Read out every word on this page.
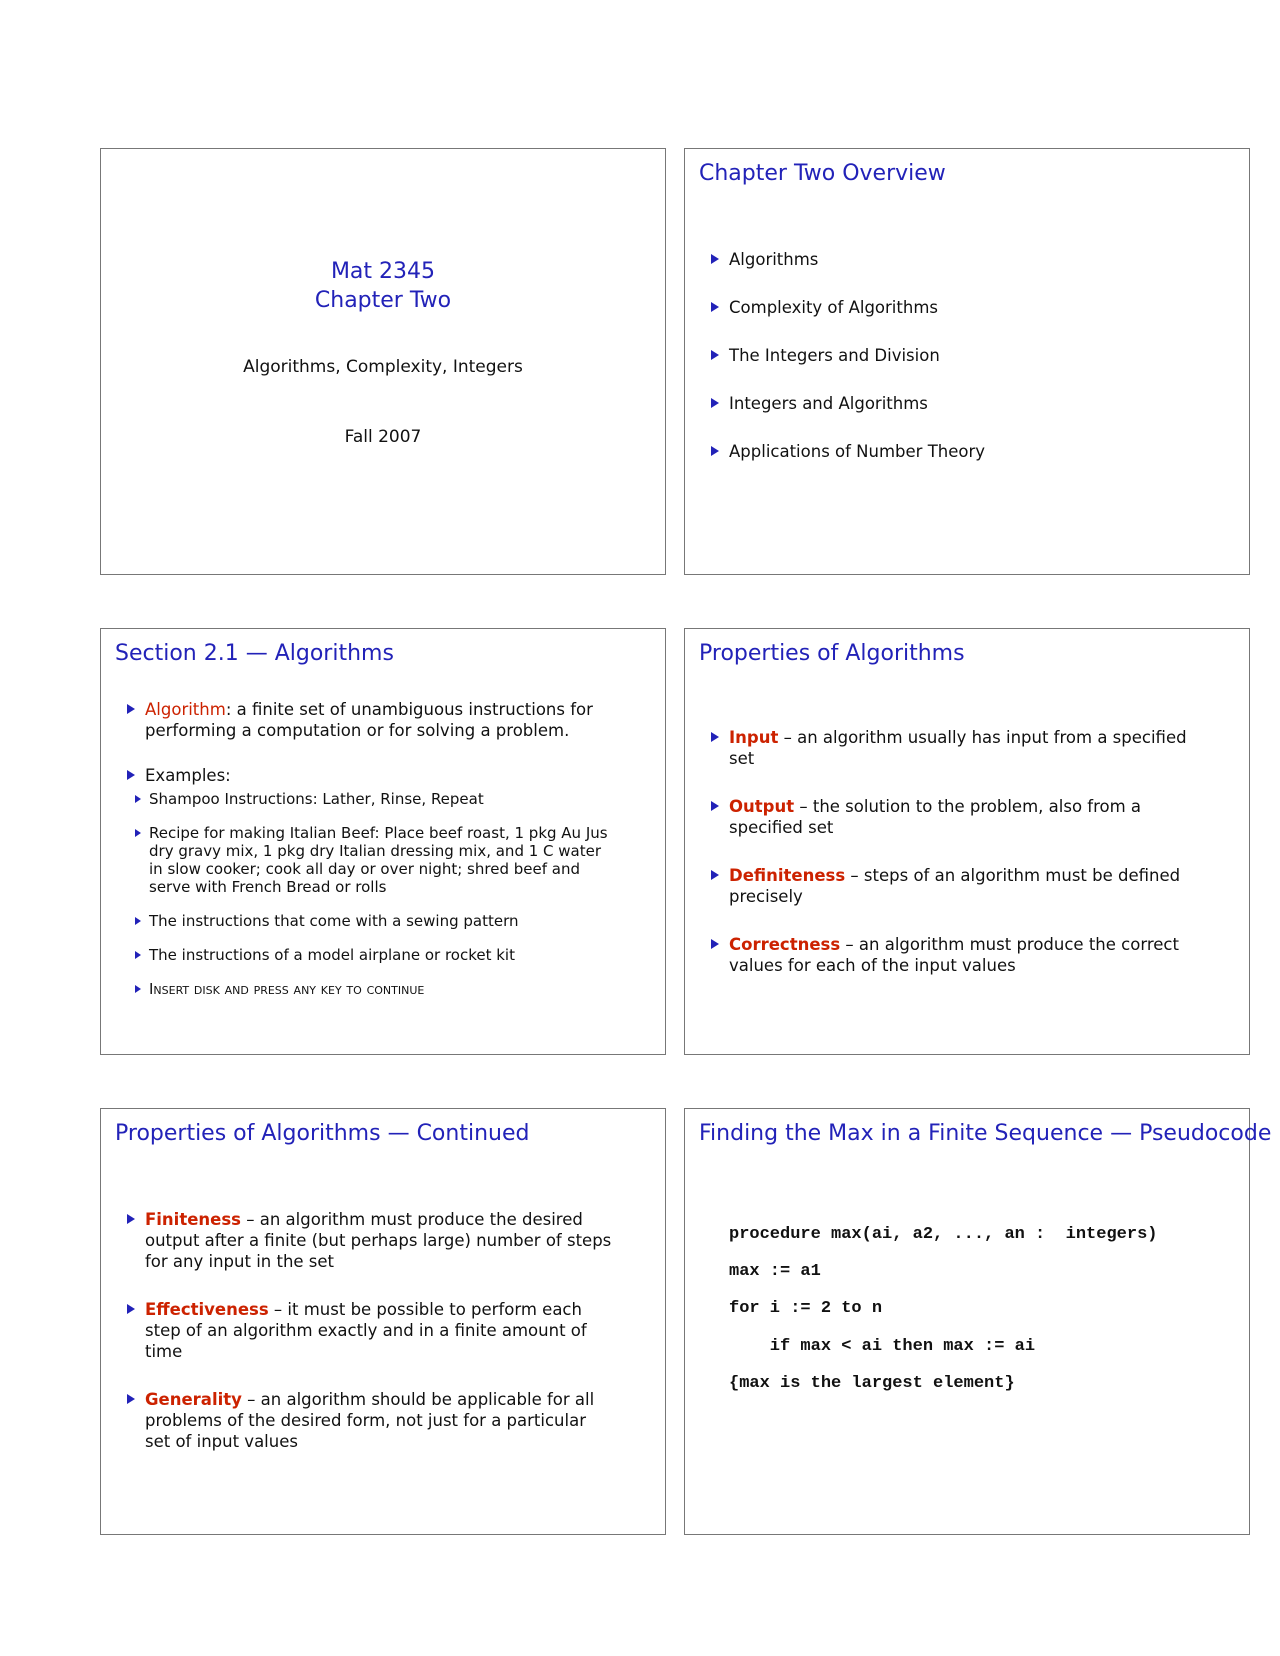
Mat 2345
Chapter Two
Algorithms, Complexity, Integers
Fall 2007
Chapter Two Overview
Algorithms
Complexity of Algorithms
The Integers and Division
Integers and Algorithms
Applications of Number Theory
Section 2.1 — Algorithms
Algorithm: a finite set of unambiguous instructions for performing a computation or for solving a problem.
Examples:
Shampoo Instructions: Lather, Rinse, Repeat
Recipe for making Italian Beef: Place beef roast, 1 pkg Au Jus dry gravy mix, 1 pkg dry Italian dressing mix, and 1 C water in slow cooker; cook all day or over night; shred beef and serve with French Bread or rolls
The instructions that come with a sewing pattern
The instructions of a model airplane or rocket kit
Insert disk and press any key to continue
Properties of Algorithms
Input – an algorithm usually has input from a specified set
Output – the solution to the problem, also from a specified set
Definiteness – steps of an algorithm must be defined precisely
Correctness – an algorithm must produce the correct values for each of the input values
Properties of Algorithms — Continued
Finiteness – an algorithm must produce the desired output after a finite (but perhaps large) number of steps for any input in the set
Effectiveness – it must be possible to perform each step of an algorithm exactly and in a finite amount of time
Generality – an algorithm should be applicable for all problems of the desired form, not just for a particular set of input values
Finding the Max in a Finite Sequence — Pseudocode
procedure max(ai, a2, ..., an :  integers)
max := a1
for i := 2 to n
if max < ai then max := ai
{max is the largest element}
